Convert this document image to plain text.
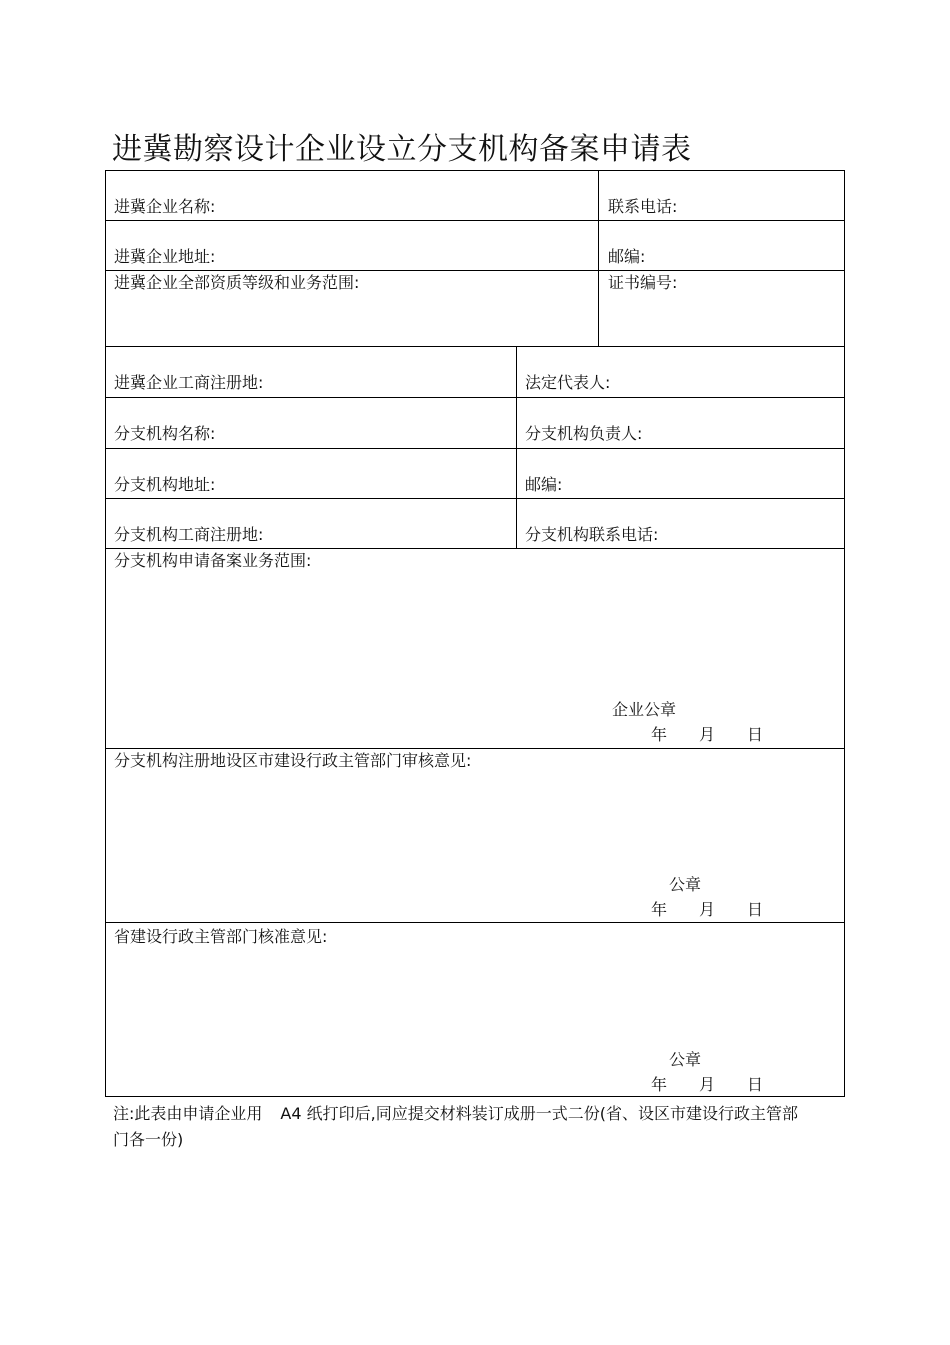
进冀勘察设计企业设立分支机构备案申请表
进冀企业名称:	联系电话:
进冀企业地址:	邮编:
进冀企业全部资质等级和业务范围:	证书编号:
进冀企业工商注册地:	法定代表人:
分支机构名称:	分支机构负责人:
分支机构地址:	邮编:
分支机构工商注册地:	分支机构联系电话:
分支机构申请备案业务范围:
企业公章
年 月 日
分支机构注册地设区市建设行政主管部门审核意见:
公章
年 月 日
省建设行政主管部门核准意见:
公章
年 月 日
注:此表由申请企业用 A4 纸打印后,同应提交材料装订成册一式二份(省、设区市建设行政主管部门各一份)
